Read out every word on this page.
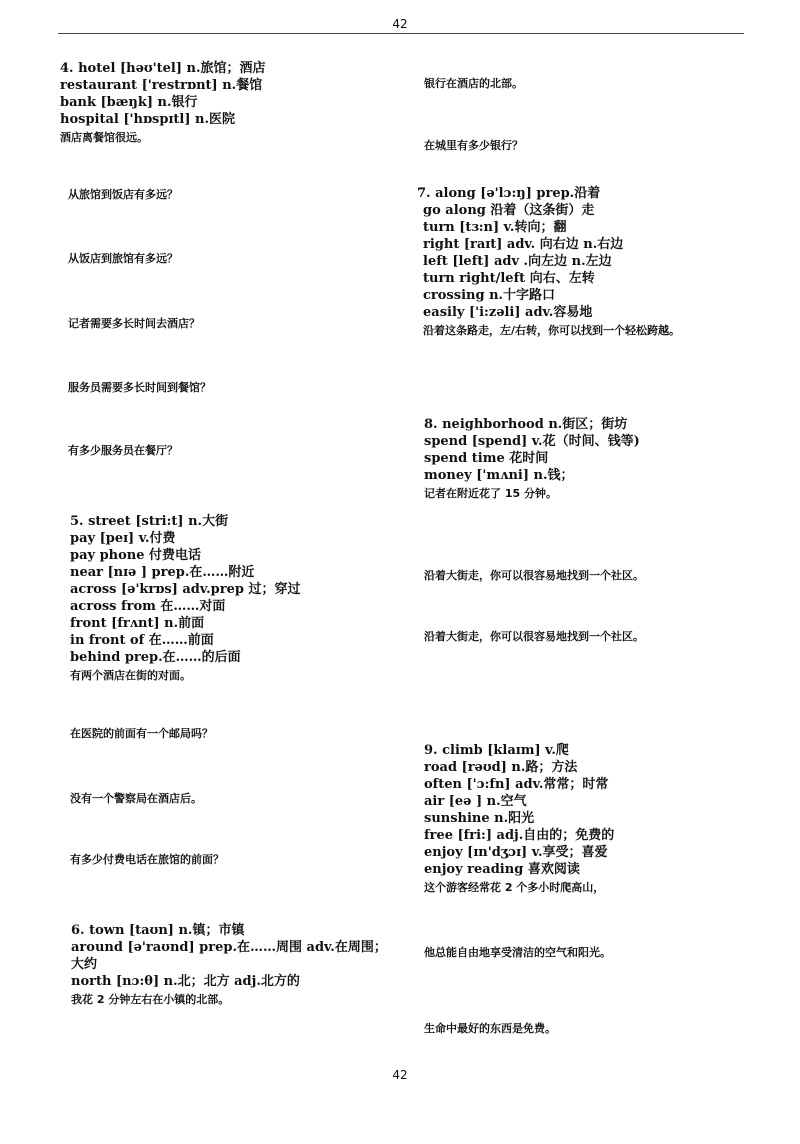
42
4. hotel [həʊ'tel] n.旅馆；酒店
restaurant ['restrɒnt] n.餐馆
bank [bæŋk] n.银行
hospital ['hɒspɪtl] n.医院
酒店离餐馆很远。
从旅馆到饭店有多远？
从饭店到旅馆有多远？
记者需要多长时间去酒店？
服务员需要多长时间到餐馆？
有多少服务员在餐厅？
5. street [stri:t] n.大街
pay [peɪ] v.付费
pay phone 付费电话
near [nɪə ] prep.在……附近
across [ə'krɒs] adv.prep 过；穿过
across from 在……对面
front [frʌnt] n.前面
in front of 在……前面
behind prep.在……的后面
有两个酒店在街的对面。
在医院的前面有一个邮局吗？
没有一个警察局在酒店后。
有多少付费电话在旅馆的前面？
6. town [taʊn] n.镇；市镇
around [ə'raʊnd] prep.在……周围 adv.在周围；大约
north [nɔ:θ] n.北；北方 adj.北方的
我花 2 分钟左右在小镇的北部。
银行在酒店的北部。
在城里有多少银行？
7. along [ə'lɔ:ŋ] prep.沿着
go along 沿着（这条街）走
turn [tɜ:n] v.转向；翻
right [raɪt] adv. 向右边 n.右边
left [left] adv .向左边 n.左边
turn right/left 向右、左转
crossing n.十字路口
easily ['i:zəli] adv.容易地
沿着这条路走，左/右转，你可以找到一个轻松跨越。
8. neighborhood n.街区；街坊
spend [spend] v.花（时间、钱等)
spend time 花时间
money ['mʌni] n.钱；
记者在附近花了 15 分钟。
沿着大街走，你可以很容易地找到一个社区。
沿着大街走，你可以很容易地找到一个社区。
9. climb [klaɪm] v.爬
road [rəʊd] n.路；方法
often ['ɔ:fn] adv.常常；时常
air [eə ] n.空气
sunshine n.阳光
free [fri:] adj.自由的；免费的
enjoy [ɪn'dʒɔɪ] v.享受；喜爱
enjoy reading 喜欢阅读
这个游客经常花 2 个多小时爬高山，
他总能自由地享受清洁的空气和阳光。
生命中最好的东西是免费。
42
